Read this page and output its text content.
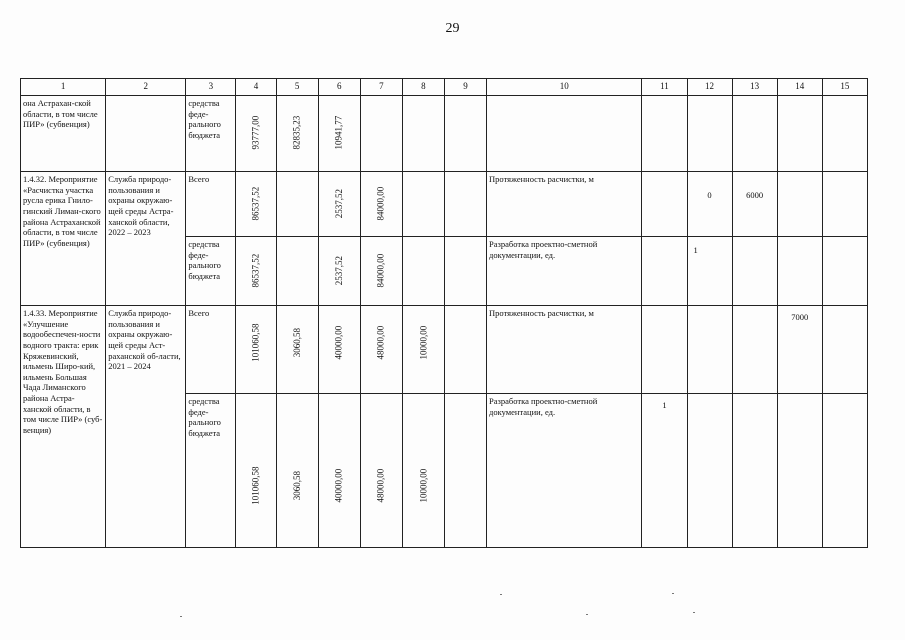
29
1	2	3	4	5	6	7	8	9	10	11	12	13	14	15
она Астрахан-ской области, в том числе ПИР» (субвенция)		средства феде-рального бюджета	93777,00	82835,23	10941,77									

1.4.32. Мероприятие «Расчистка участка русла ерика Гнило-гинский Лиман-ского района Астраханской области, в том числе ПИР» (субвенция)	Служба природо-пользования и охраны окружаю-щей среды Астра-ханской области, 2022 – 2023	Всего	86537,52		2537,52	84000,00			Протяженность расчистки, м		0	6000		
		средства феде-рального бюджета	86537,52		2537,52	84000,00			Разработка проектно-сметной документации, ед.		1			
1.4.33. Мероприятие «Улучшение водообеспечен-ности водного тракта: ерик Кряжевинский, ильмень Широ-кий, ильмень Большая Чада Лиманского района Астра-ханской области, в том числе ПИР» (суб-венция)	Служба природо-пользования и охраны окружаю-щей среды Аст-раханской об-ласти, 2021 – 2024	Всего	101060,58	3060,58	40000,00	48000,00	10000,00		Протяженность расчистки, м				7000	
		средства феде-рального бюджета	101060,58	3060,58	40000,00	48000,00	10000,00		Разработка проектно-сметной документации, ед.	1				
